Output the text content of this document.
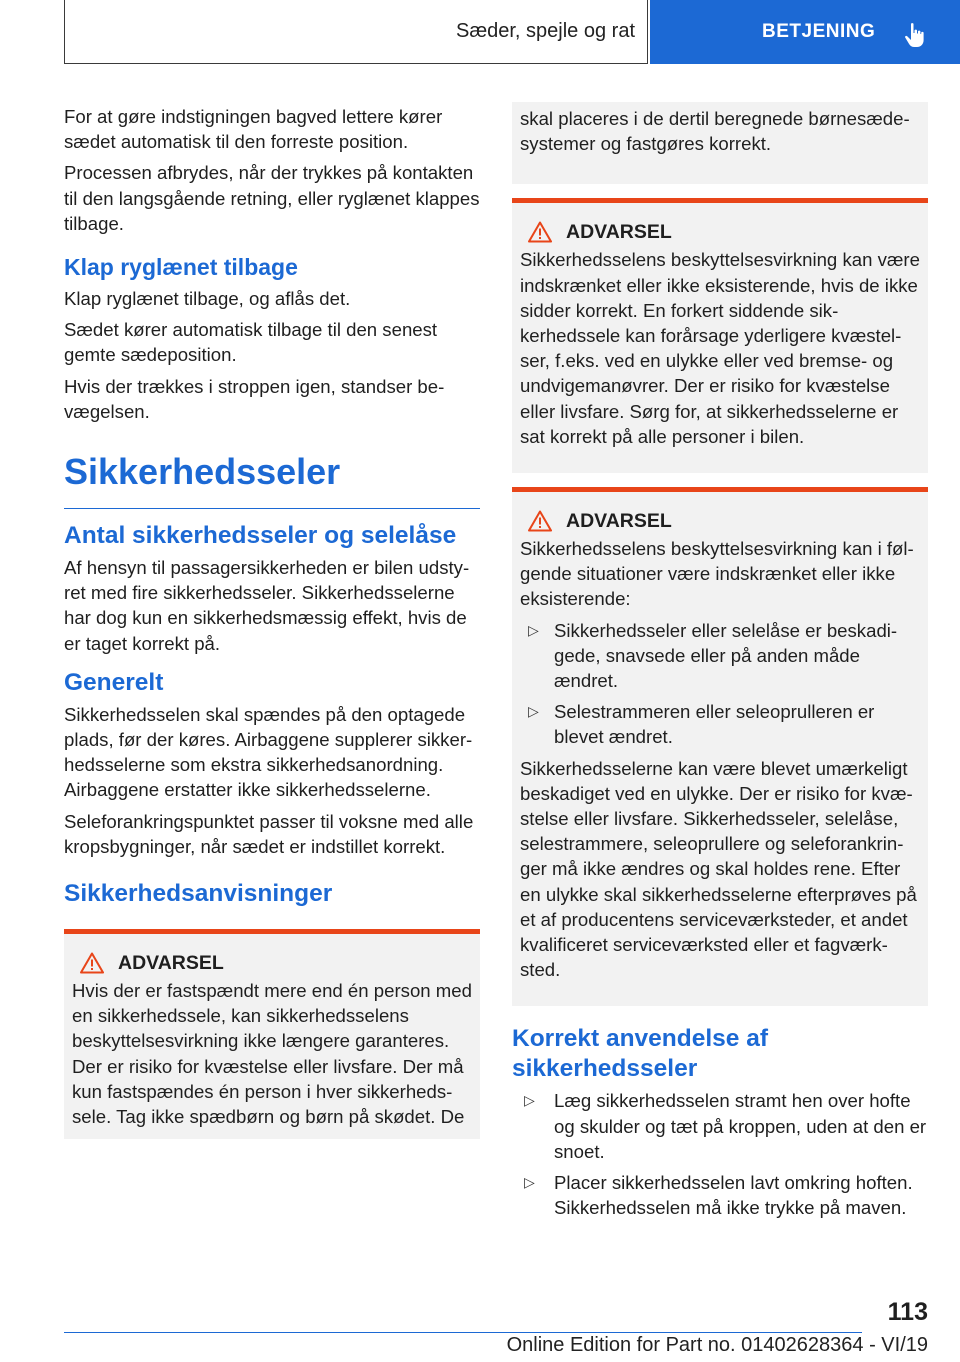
Sæder, spejle og rat	BETJENING

For at gøre indstigningen bagved lettere kører sædet automatisk til den forreste position.

Processen afbrydes, når der trykkes på kontakten til den langsgående retning, eller ryglænet klappes tilbage.

Klap ryglænet tilbage

Klap ryglænet tilbage, og aflås det.

Sædet kører automatisk tilbage til den senest gemte sædeposition.

Hvis der trækkes i stroppen igen, standser bevægelsen.

Sikkerhedsseler
Antal sikkerhedsseler og selelåse

Af hensyn til passagersikkerheden er bilen udstyret med fire sikkerhedsseler. Sikkerhedsselerne har dog kun en sikkerhedsmæssig effekt, hvis de er taget korrekt på.

Generelt

Sikkerhedsselen skal spændes på den optagede plads, før der køres. Airbaggene supplerer sikkerhedsselerne som ekstra sikkerhedsanordning. Airbaggene erstatter ikke sikkerhedsselerne.

Seleforankringspunktet passer til voksne med alle kropsbygninger, når sædet er indstillet korrekt.

Sikkerhedsanvisninger
ADVARSEL

Hvis der er fastspændt mere end én person med en sikkerhedssele, kan sikkerhedsselens beskyttelsesvirkning ikke længere garanteres. Der er risiko for kvæstelse eller livsfare. Der må kun fastspændes én person i hver sikkerhedssele. Tag ikke spædbørn og børn på skødet. De

skal placeres i de dertil beregnede børnesædesystemer og fastgøres korrekt.

ADVARSEL

Sikkerhedsselens beskyttelsesvirkning kan være indskrænket eller ikke eksisterende, hvis de ikke sidder korrekt. En forkert siddende sikkerhedssele kan forårsage yderligere kvæstelser, f.eks. ved en ulykke eller ved bremse- og undvigemanøvrer. Der er risiko for kvæstelse eller livsfare. Sørg for, at sikkerhedsselerne er sat korrekt på alle personer i bilen.

ADVARSEL

Sikkerhedsselens beskyttelsesvirkning kan i følgende situationer være indskrænket eller ikke eksisterende:

▷ Sikkerhedsseler eller selelåse er beskadigede, snavsede eller på anden måde ændret.
▷ Selestrammeren eller seleoprulleren er blevet ændret.

Sikkerhedsselerne kan være blevet umærkeligt beskadiget ved en ulykke. Der er risiko for kvæstelse eller livsfare. Sikkerhedsseler, selelåse, selestrammere, seleoprullere og seleforankringer må ikke ændres og skal holdes rene. Efter en ulykke skal sikkerhedsselerne efterprøves på et af producentens serviceværksteder, et andet kvalificeret serviceværksted eller et fagværksted.

Korrekt anvendelse af sikkerhedsseler
▷ Læg sikkerhedsselen stramt hen over hofte og skulder og tæt på kroppen, uden at den er snoet.
▷ Placer sikkerhedsselen lavt omkring hoften. Sikkerhedsselen må ikke trykke på maven.
113
Online Edition for Part no. 01402628364 - VI/19
